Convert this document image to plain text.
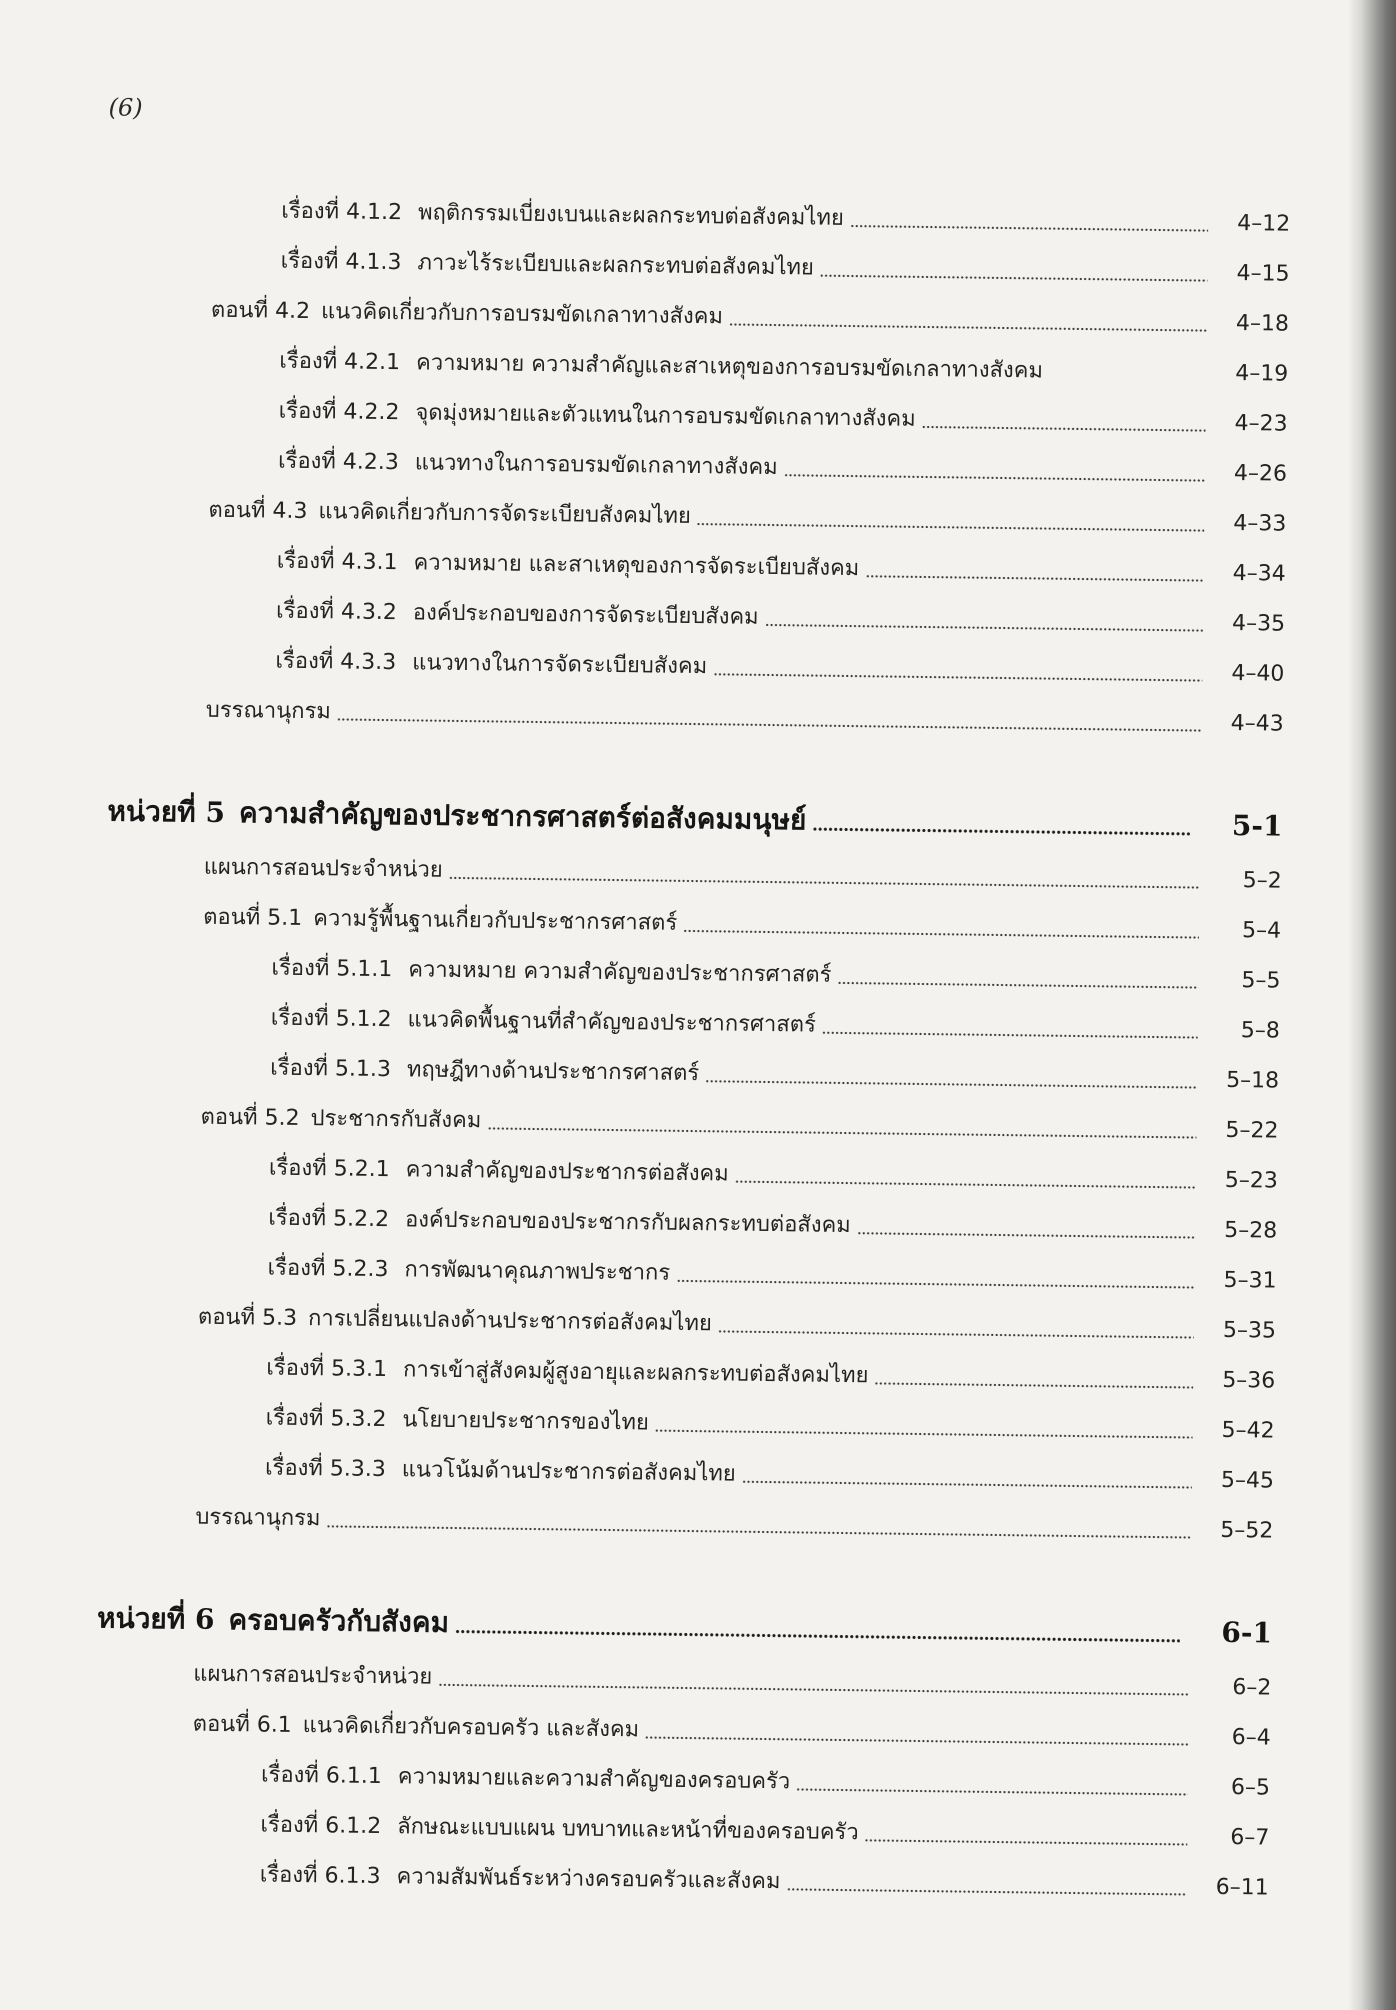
(6)
เรื่องที่ 4.1.2 พฤติกรรมเบี่ยงเบนและผลกระทบต่อสังคมไทย	4–12
เรื่องที่ 4.1.3 ภาวะไร้ระเบียบและผลกระทบต่อสังคมไทย	4–15
ตอนที่ 4.2 แนวคิดเกี่ยวกับการอบรมขัดเกลาทางสังคม	4–18
เรื่องที่ 4.2.1 ความหมาย ความสำคัญและสาเหตุของการอบรมขัดเกลาทางสังคม	4–19
เรื่องที่ 4.2.2 จุดมุ่งหมายและตัวแทนในการอบรมขัดเกลาทางสังคม	4–23
เรื่องที่ 4.2.3 แนวทางในการอบรมขัดเกลาทางสังคม	4–26
ตอนที่ 4.3 แนวคิดเกี่ยวกับการจัดระเบียบสังคมไทย	4–33
เรื่องที่ 4.3.1 ความหมาย และสาเหตุของการจัดระเบียบสังคม	4–34
เรื่องที่ 4.3.2 องค์ประกอบของการจัดระเบียบสังคม	4–35
เรื่องที่ 4.3.3 แนวทางในการจัดระเบียบสังคม	4–40
บรรณานุกรม	4–43
หน่วยที่ 5 ความสำคัญของประชากรศาสตร์ต่อสังคมมนุษย์	5-1
แผนการสอนประจำหน่วย	5–2
ตอนที่ 5.1 ความรู้พื้นฐานเกี่ยวกับประชากรศาสตร์	5–4
เรื่องที่ 5.1.1 ความหมาย ความสำคัญของประชากรศาสตร์	5–5
เรื่องที่ 5.1.2 แนวคิดพื้นฐานที่สำคัญของประชากรศาสตร์	5–8
เรื่องที่ 5.1.3 ทฤษฎีทางด้านประชากรศาสตร์	5–18
ตอนที่ 5.2 ประชากรกับสังคม	5–22
เรื่องที่ 5.2.1 ความสำคัญของประชากรต่อสังคม	5–23
เรื่องที่ 5.2.2 องค์ประกอบของประชากรกับผลกระทบต่อสังคม	5–28
เรื่องที่ 5.2.3 การพัฒนาคุณภาพประชากร	5–31
ตอนที่ 5.3 การเปลี่ยนแปลงด้านประชากรต่อสังคมไทย	5–35
เรื่องที่ 5.3.1 การเข้าสู่สังคมผู้สูงอายุและผลกระทบต่อสังคมไทย	5–36
เรื่องที่ 5.3.2 นโยบายประชากรของไทย	5–42
เรื่องที่ 5.3.3 แนวโน้มด้านประชากรต่อสังคมไทย	5–45
บรรณานุกรม	5–52
หน่วยที่ 6 ครอบครัวกับสังคม	6-1
แผนการสอนประจำหน่วย	6–2
ตอนที่ 6.1 แนวคิดเกี่ยวกับครอบครัว และสังคม	6–4
เรื่องที่ 6.1.1 ความหมายและความสำคัญของครอบครัว	6–5
เรื่องที่ 6.1.2 ลักษณะแบบแผน บทบาทและหน้าที่ของครอบครัว	6–7
เรื่องที่ 6.1.3 ความสัมพันธ์ระหว่างครอบครัวและสังคม	6–11
